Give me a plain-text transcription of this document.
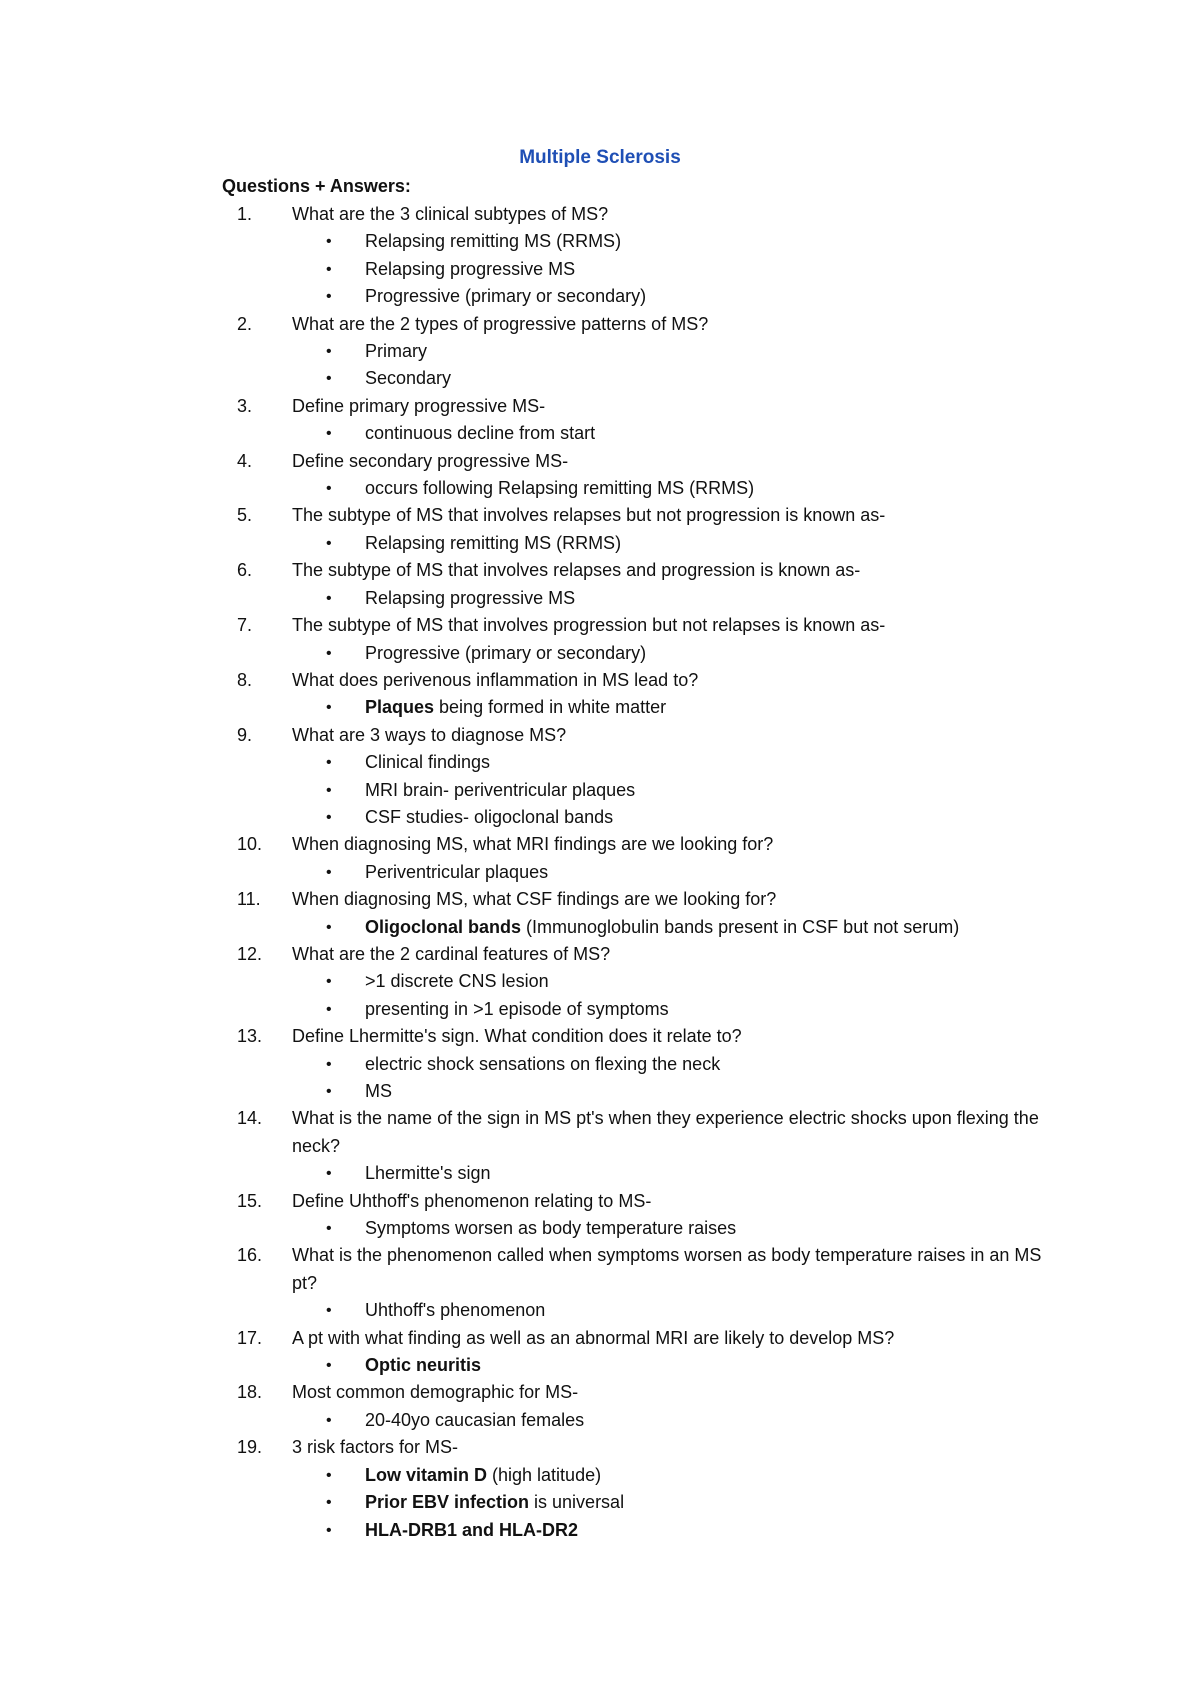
Multiple Sclerosis
Questions + Answers:
1.	What are the 3 clinical subtypes of MS?
• Relapsing remitting MS (RRMS)
• Relapsing progressive MS
• Progressive (primary or secondary)
2.	What are the 2 types of progressive patterns of MS?
• Primary
• Secondary
3.	Define primary progressive MS-
• continuous decline from start
4.	Define secondary progressive MS-
• occurs following Relapsing remitting MS (RRMS)
5.	The subtype of MS that involves relapses but not progression is known as-
• Relapsing remitting MS (RRMS)
6.	The subtype of MS that involves relapses and progression is known as-
• Relapsing progressive MS
7.	The subtype of MS that involves progression but not relapses is known as-
• Progressive (primary or secondary)
8.	What does perivenous inflammation in MS lead to?
• Plaques being formed in white matter
9.	What are 3 ways to diagnose MS?
• Clinical findings
• MRI brain- periventricular plaques
• CSF studies- oligoclonal bands
10.	When diagnosing MS, what MRI findings are we looking for?
• Periventricular plaques
11.	When diagnosing MS, what CSF findings are we looking for?
• Oligoclonal bands (Immunoglobulin bands present in CSF but not serum)
12.	What are the 2 cardinal features of MS?
• >1 discrete CNS lesion
• presenting in >1 episode of symptoms
13.	Define Lhermitte's sign. What condition does it relate to?
• electric shock sensations on flexing the neck
• MS
14.	What is the name of the sign in MS pt's when they experience electric shocks upon flexing the neck?
• Lhermitte's sign
15.	Define Uhthoff's phenomenon relating to MS-
• Symptoms worsen as body temperature raises
16.	What is the phenomenon called when symptoms worsen as body temperature raises in an MS pt?
• Uhthoff's phenomenon
17.	A pt with what finding as well as an abnormal MRI are likely to develop MS?
• Optic neuritis
18.	Most common demographic for MS-
• 20-40yo caucasian females
19.	3 risk factors for MS-
• Low vitamin D (high latitude)
• Prior EBV infection is universal
• HLA-DRB1 and HLA-DR2
